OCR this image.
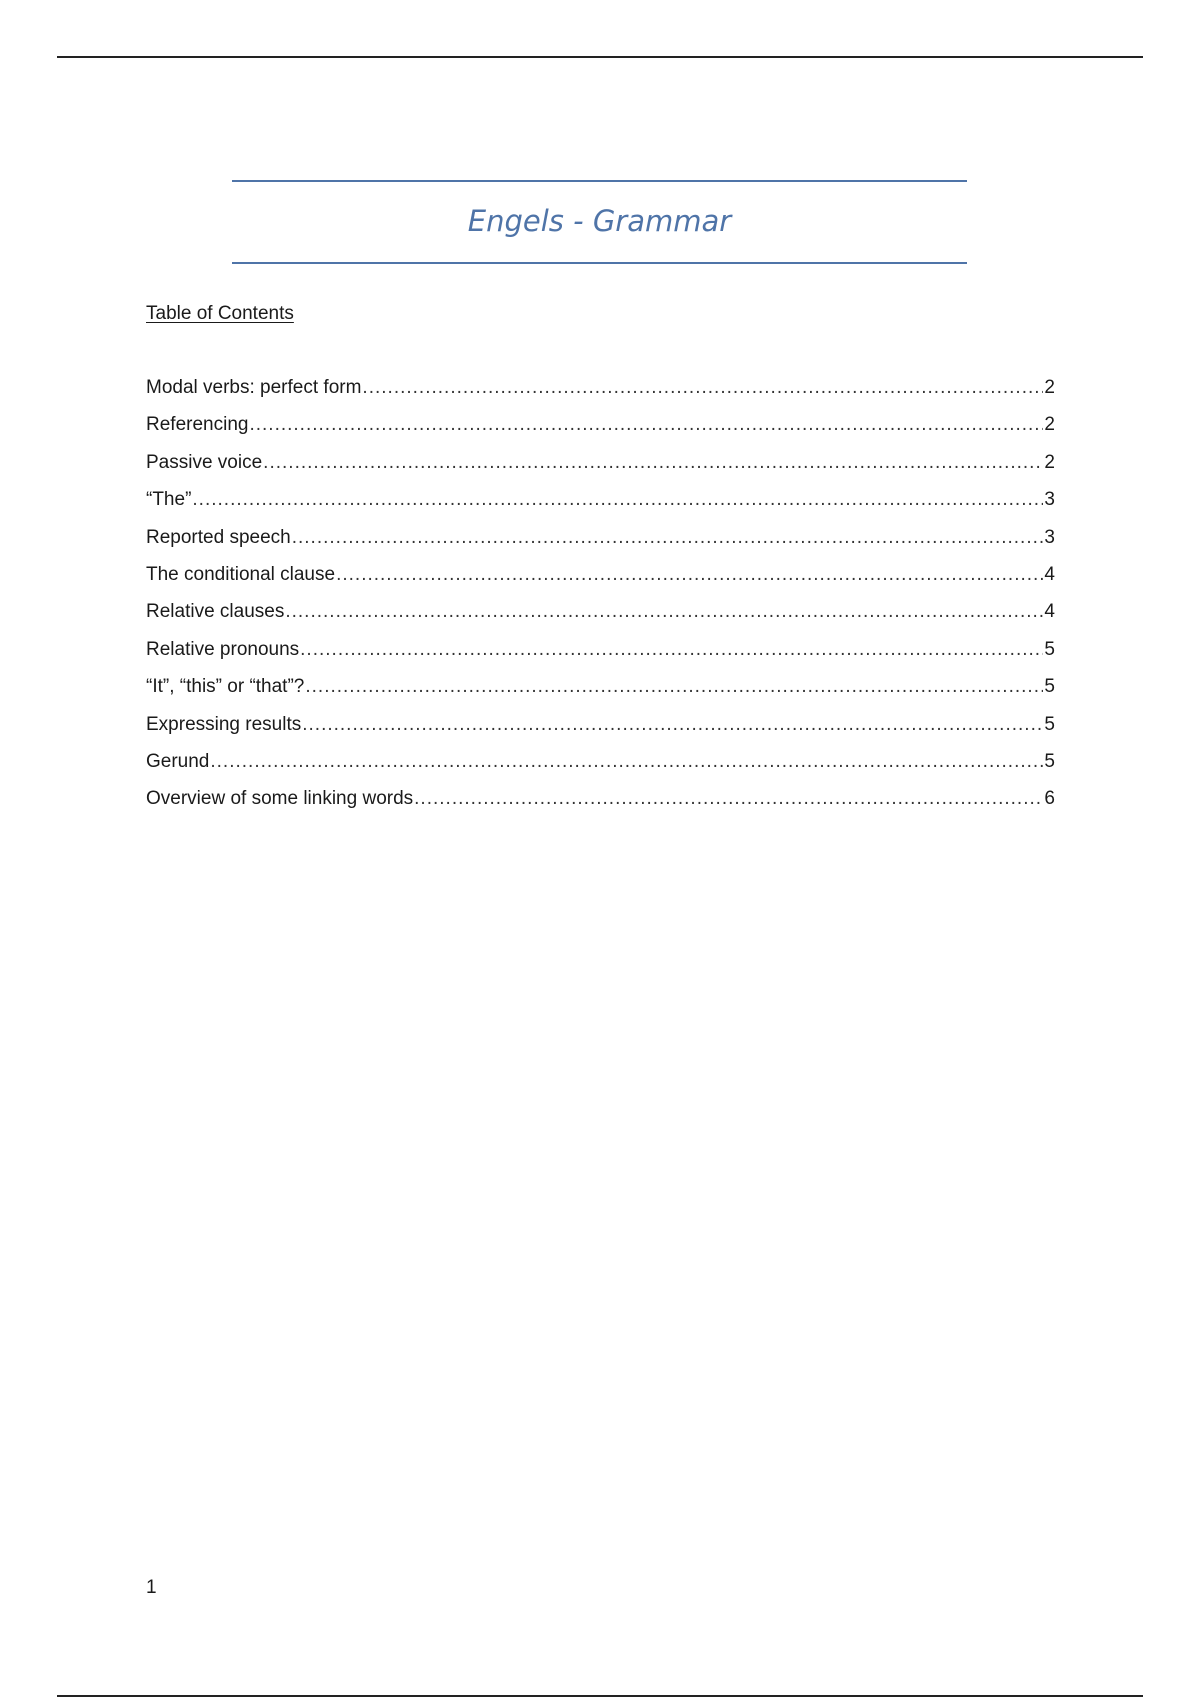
Engels - Grammar
Table of Contents
Modal verbs: perfect form .....	2
Referencing .....	2
Passive voice .....	2
“The” .....	3
Reported speech .....	3
The conditional clause .....	4
Relative clauses .....	4
Relative pronouns .....	5
“It”, “this” or “that”? .....	5
Expressing results .....	5
Gerund .....	5
Overview of some linking words .....	6
1
